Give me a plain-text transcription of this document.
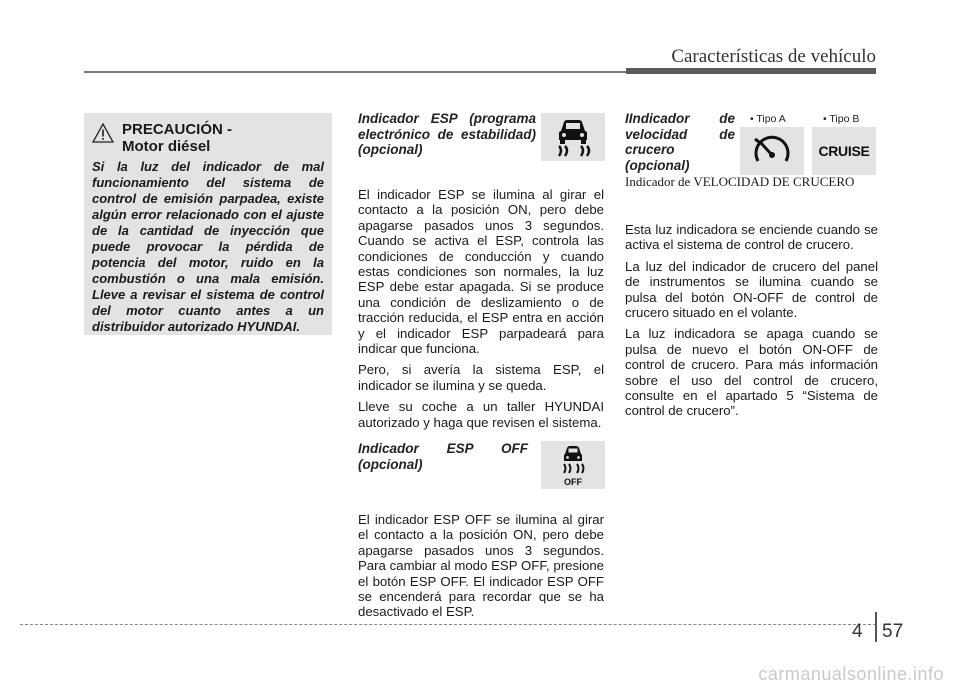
Características de vehículo
PRECAUCIÓN -
Motor diésel
Si la luz del indicador de mal funcionamiento del sistema de control de emisión parpadea, existe algún error relacionado con el ajuste de la cantidad de inyección que puede provocar la pérdida de potencia del motor, ruido en la combustión o una mala emisión. Lleve a revisar el sistema de control del motor cuanto antes a un distribuidor autorizado HYUNDAI.
Indicador ESP (programa electrónico de estabilidad) (opcional)

El indicador ESP se ilumina al girar el contacto a la posición ON, pero debe apagarse pasados unos 3 segundos. Cuando se activa el ESP, controla las condiciones de conducción y cuando estas condiciones son normales, la luz ESP debe estar apagada. Si se produce una condición de deslizamiento o de tracción reducida, el ESP entra en acción y el indicador ESP parpadeará para indicar que funciona.

Pero, si avería la sistema ESP, el indicador se ilumina y se queda.

Lleve su coche a un taller HYUNDAI autorizado y haga que revisen el sistema.

Indicador ESP OFF (opcional)
OFF

El indicador ESP OFF se ilumina al girar el contacto a la posición ON, pero debe apagarse pasados unos 3 segundos. Para cambiar al modo ESP OFF, presione el botón ESP OFF. El indicador ESP OFF se encenderá para recordar que se ha desactivado el ESP.

IIndicador de velocidad de crucero (opcional)
• Tipo A	• Tipo B
CRUISE
Indicador de VELOCIDAD DE CRUCERO

Esta luz indicadora se enciende cuando se activa el sistema de control de crucero.

La luz del indicador de crucero del panel de instrumentos se ilumina cuando se pulsa del botón ON-OFF de control de crucero situado en el volante.

La luz indicadora se apaga cuando se pulsa de nuevo el botón ON-OFF de control de crucero. Para más información sobre el uso del control de crucero, consulte en el apartado 5 “Sistema de control de crucero”.

4 57
carmanualsonline.info
